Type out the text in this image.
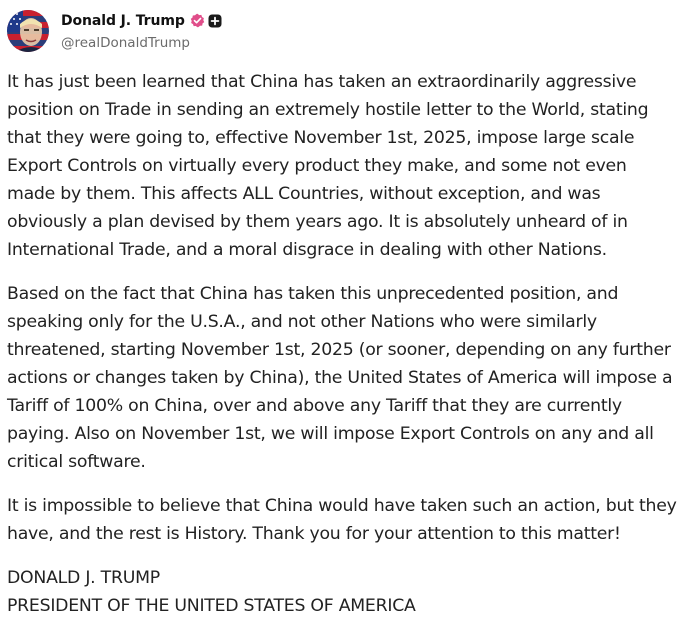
Donald J. Trump
@realDonaldTrump

It has just been learned that China has taken an extraordinarily aggressive
position on Trade in sending an extremely hostile letter to the World, stating
that they were going to, effective November 1st, 2025, impose large scale
Export Controls on virtually every product they make, and some not even
made by them. This affects ALL Countries, without exception, and was
obviously a plan devised by them years ago. It is absolutely unheard of in
International Trade, and a moral disgrace in dealing with other Nations.

Based on the fact that China has taken this unprecedented position, and
speaking only for the U.S.A., and not other Nations who were similarly
threatened, starting November 1st, 2025 (or sooner, depending on any further
actions or changes taken by China), the United States of America will impose a
Tariff of 100% on China, over and above any Tariff that they are currently
paying. Also on November 1st, we will impose Export Controls on any and all
critical software.

It is impossible to believe that China would have taken such an action, but they
have, and the rest is History. Thank you for your attention to this matter!

DONALD J. TRUMP
PRESIDENT OF THE UNITED STATES OF AMERICA
